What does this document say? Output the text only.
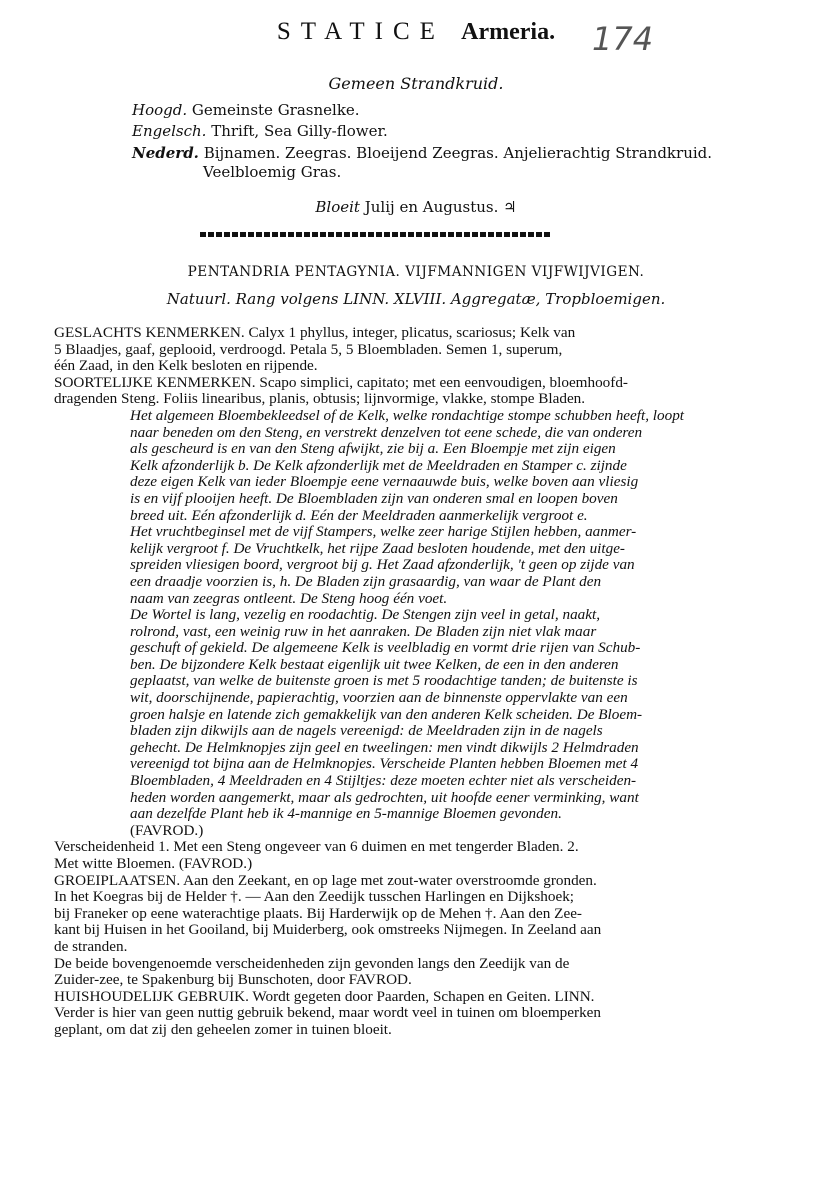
STATICE Armeria.	174
Gemeen Strandkruid.
Hoogd. Gemeinste Grasnelke.
Engelsch. Thrift, Sea Gilly-flower.
Nederd. Bijnamen. Zeegras. Bloeijend Zeegras. Anjelierachtig Strandkruid.
Veelbloemig Gras.
Bloeit Julij en Augustus. ♃
PENTANDRIA PENTAGYNIA. VIJFMANNIGEN VIJFWIJVIGEN.
Natuurl. Rang volgens LINN. XLVIII. Aggregatæ, Tropbloemigen.

GESLACHTS KENMERKEN. Calyx 1 phyllus, integer, plicatus, scariosus; Kelk van

5 Blaadjes, gaaf, geplooid, verdroogd. Petala 5, 5 Bloembladen. Semen 1, superum,

één Zaad, in den Kelk besloten en rijpende.

SOORTELIJKE KENMERKEN. Scapo simplici, capitato; met een eenvoudigen, bloemhoofd-

dragenden Steng. Foliis linearibus, planis, obtusis; lijnvormige, vlakke, stompe Bladen.

Het algemeen Bloembekleedsel of de Kelk, welke rondachtige stompe schubben heeft, loopt

naar beneden om den Steng, en verstrekt denzelven tot eene schede, die van onderen

als gescheurd is en van den Steng afwijkt, zie bij a. Een Bloempje met zijn eigen

Kelk afzonderlijk b. De Kelk afzonderlijk met de Meeldraden en Stamper c. zijnde

deze eigen Kelk van ieder Bloempje eene vernaauwde buis, welke boven aan vliesig

is en vijf plooijen heeft. De Bloembladen zijn van onderen smal en loopen boven

breed uit. Eén afzonderlijk d. Eén der Meeldraden aanmerkelijk vergroot e.

Het vruchtbeginsel met de vijf Stampers, welke zeer harige Stijlen hebben, aanmer-

kelijk vergroot f. De Vruchtkelk, het rijpe Zaad besloten houdende, met den uitge-

spreiden vliesigen boord, vergroot bij g. Het Zaad afzonderlijk, 't geen op zijde van

een draadje voorzien is, h. De Bladen zijn grasaardig, van waar de Plant den

naam van zeegras ontleent. De Steng hoog één voet.

De Wortel is lang, vezelig en roodachtig. De Stengen zijn veel in getal, naakt,

rolrond, vast, een weinig ruw in het aanraken. De Bladen zijn niet vlak maar

geschuft of gekield. De algemeene Kelk is veelbladig en vormt drie rijen van Schub-

ben. De bijzondere Kelk bestaat eigenlijk uit twee Kelken, de een in den anderen

geplaatst, van welke de buitenste groen is met 5 roodachtige tanden; de buitenste is

wit, doorschijnende, papierachtig, voorzien aan de binnenste oppervlakte van een

groen halsje en latende zich gemakkelijk van den anderen Kelk scheiden. De Bloem-

bladen zijn dikwijls aan de nagels vereenigd: de Meeldraden zijn in de nagels

gehecht. De Helmknopjes zijn geel en tweelingen: men vindt dikwijls 2 Helmdraden

vereenigd tot bijna aan de Helmknopjes. Verscheide Planten hebben Bloemen met 4

Bloembladen, 4 Meeldraden en 4 Stijltjes: deze moeten echter niet als verscheiden-

heden worden aangemerkt, maar als gedrochten, uit hoofde eener verminking, want

aan dezelfde Plant heb ik 4-mannige en 5-mannige Bloemen gevonden.

(FAVROD.)

Verscheidenheid 1. Met een Steng ongeveer van 6 duimen en met tengerder Bladen. 2.

Met witte Bloemen. (FAVROD.)

GROEIPLAATSEN. Aan den Zeekant, en op lage met zout-water overstroomde gronden.

In het Koegras bij de Helder †. — Aan den Zeedijk tusschen Harlingen en Dijkshoek;

bij Franeker op eene waterachtige plaats. Bij Harderwijk op de Mehen †. Aan den Zee-

kant bij Huisen in het Gooiland, bij Muiderberg, ook omstreeks Nijmegen. In Zeeland aan

de stranden.

De beide bovengenoemde verscheidenheden zijn gevonden langs den Zeedijk van de

Zuider-zee, te Spakenburg bij Bunschoten, door FAVROD.

HUISHOUDELIJK GEBRUIK. Wordt gegeten door Paarden, Schapen en Geiten. LINN.

Verder is hier van geen nuttig gebruik bekend, maar wordt veel in tuinen om bloemperken

geplant, om dat zij den geheelen zomer in tuinen bloeit.
